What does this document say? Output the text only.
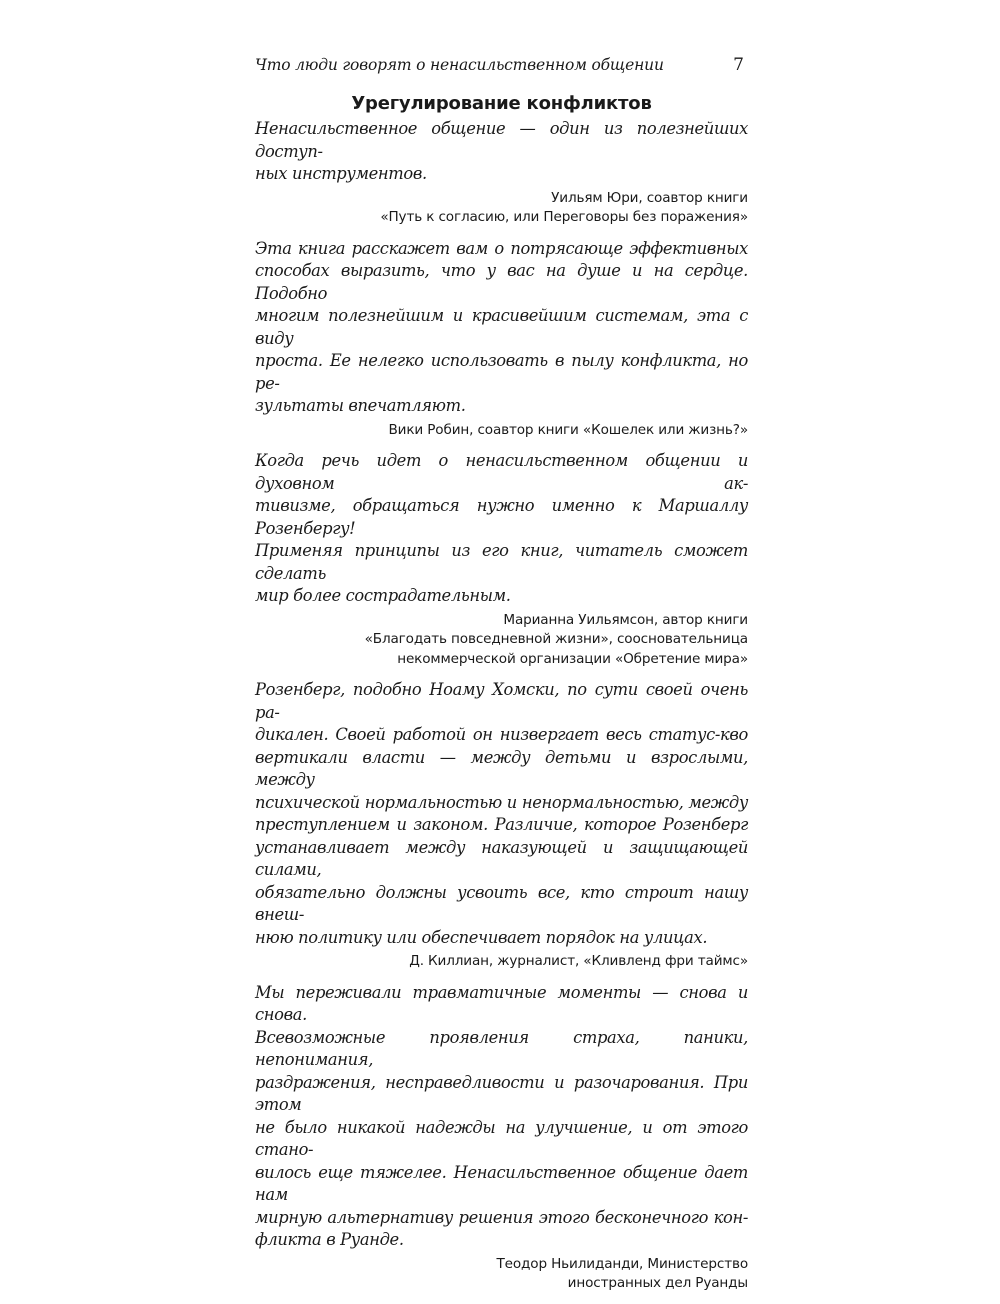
Что люди говорят о ненасильственном общении	7
Урегулирование конфликтов
Ненасильственное общение — один из полезнейших доступ-
ных инструментов.
Уильям Юри, соавтор книги
«Путь к согласию, или Переговоры без поражения»
Эта книга расскажет вам о потрясающе эффективных
способах выразить, что у вас на душе и на сердце. Подобно
многим полезнейшим и красивейшим системам, эта с виду
проста. Ее нелегко использовать в пылу конфликта, но ре-
зультаты впечатляют.
Вики Робин, соавтор книги «Кошелек или жизнь?»
Когда речь идет о ненасильственном общении и духовном ак-
тивизме, обращаться нужно именно к Маршаллу Розенбергу!
Применяя принципы из его книг, читатель сможет сделать
мир более сострадательным.
Марианна Уильямсон, автор книги
«Благодать повседневной жизни», соосновательница
некоммерческой организации «Обретение мира»
Розенберг, подобно Ноаму Хомски, по сути своей очень ра-
дикален. Своей работой он низвергает весь статус-кво
вертикали власти — между детьми и взрослыми, между
психической нормальностью и ненормальностью, между
преступлением и законом. Различие, которое Розенберг
устанавливает между наказующей и защищающей силами,
обязательно должны усвоить все, кто строит нашу внеш-
нюю политику или обеспечивает порядок на улицах.
Д. Киллиан, журналист, «Кливленд фри таймс»
Мы переживали травматичные моменты — снова и снова.
Всевозможные проявления страха, паники, непонимания,
раздражения, несправедливости и разочарования. При этом
не было никакой надежды на улучшение, и от этого стано-
вилось еще тяжелее. Ненасильственное общение дает нам
мирную альтернативу решения этого бесконечного кон-
фликта в Руанде.
Теодор Ньилиданди, Министерство
иностранных дел Руанды
